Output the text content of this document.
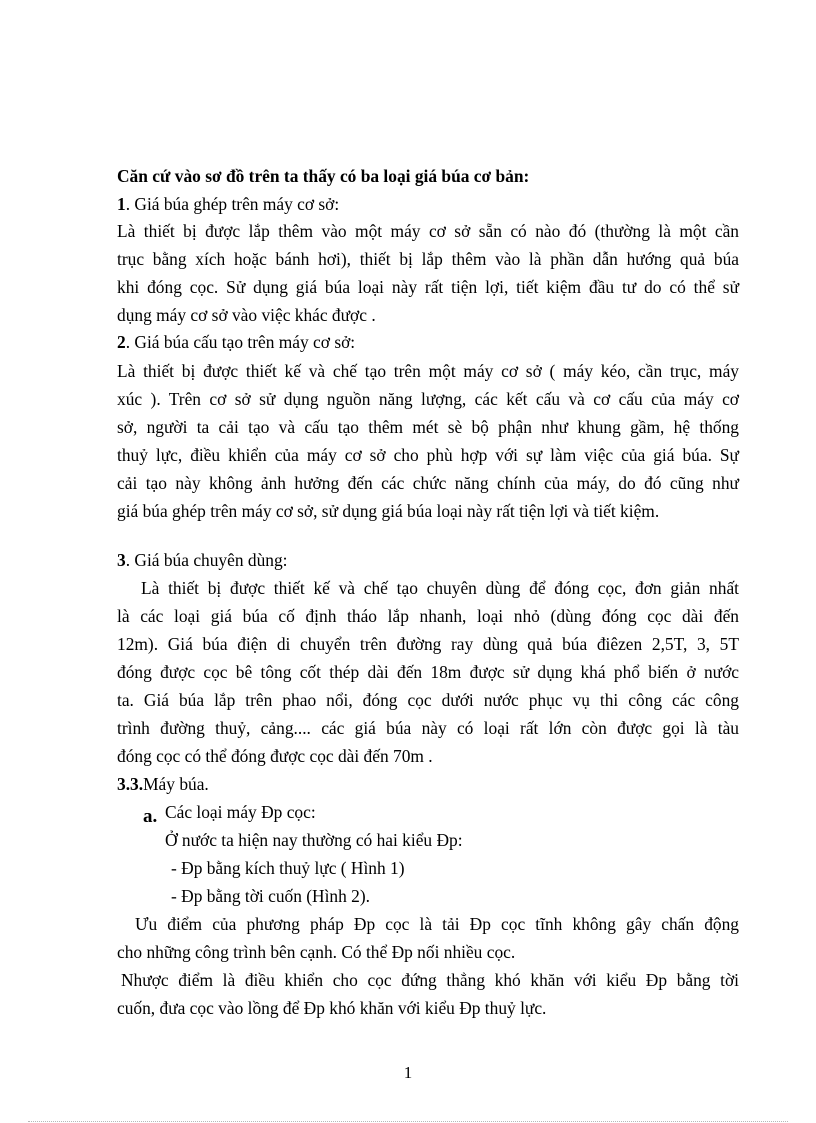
Căn cứ vào sơ đồ trên ta thấy có ba loại giá búa cơ bản:
1. Giá búa ghép trên máy cơ sở:
Là thiết bị được lắp thêm vào một máy cơ sở sẵn có nào đó (thường là một cần
trục bằng xích hoặc bánh hơi), thiết bị lắp thêm vào là phần dẫn hướng quả búa
khi đóng cọc. Sử dụng giá búa loại này rất tiện lợi, tiết kiệm đầu tư do có thể sử
dụng máy cơ sở vào việc khác được .
2. Giá búa cấu tạo trên máy cơ sở:
Là thiết bị được thiết kế và chế tạo trên một máy cơ sở ( máy kéo, cần trục, máy
xúc ). Trên cơ sở sử dụng nguồn năng lượng, các kết cấu và cơ cấu của máy cơ
sở, người ta cải tạo và cấu tạo thêm mét sè bộ phận như khung gầm, hệ thống
thuỷ lực, điều khiển của máy cơ sở cho phù hợp với sự làm việc của giá búa. Sự
cải tạo này không ảnh hưởng đến các chức năng chính của máy, do đó cũng như
giá búa ghép trên máy cơ sở, sử dụng giá búa loại này rất tiện lợi và tiết kiệm.
3. Giá búa chuyên dùng:
Là thiết bị được thiết kế và chế tạo chuyên dùng để đóng cọc, đơn giản nhất
là các loại giá búa cố định tháo lắp nhanh, loại nhỏ (dùng đóng cọc dài đến
12m). Giá búa điện di chuyển trên đường ray dùng quả búa điêzen 2,5T, 3, 5T
đóng được cọc bê tông cốt thép dài đến 18m được sử dụng khá phổ biến ở nước
ta. Giá búa lắp trên phao nổi, đóng cọc dưới nước phục vụ thi công các công
trình đường thuỷ, cảng.... các giá búa này có loại rất lớn còn được gọi là tàu
đóng cọc có thể đóng được cọc dài đến 70m .
3.3.Máy búa.
a. Các loại máy Đp cọc:
Ở nước ta hiện nay thường có hai kiểu Đp:
- Đp bằng kích thuỷ lực ( Hình 1)
- Đp bằng tời cuốn (Hình 2).
Ưu điểm của phương pháp Đp cọc là tải Đp cọc tĩnh không gây chấn động
cho những công trình bên cạnh. Có thể Đp nối nhiều cọc.
Nhược điểm là điều khiển cho cọc đứng thẳng khó khăn với kiểu Đp bằng tời
cuốn, đưa cọc vào lồng để Đp khó khăn với kiểu Đp thuỷ lực.
1
